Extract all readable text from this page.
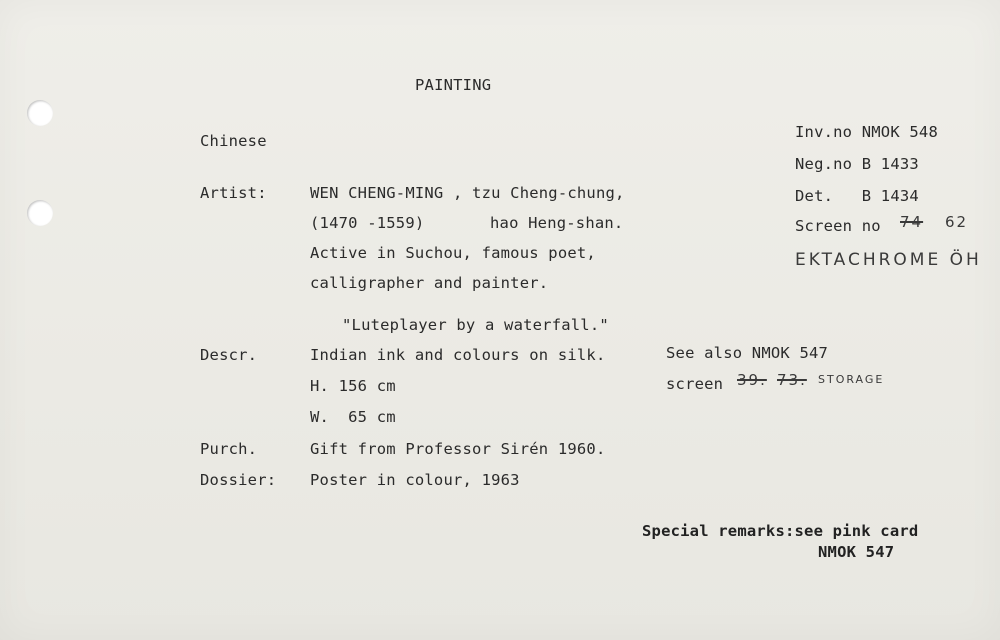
PAINTING
Chinese	Inv.no NMOK 548
Neg.no B 1433
Det.   B 1434
Screen no 74 62
EKTACHROME ÖH
Artist:	WEN CHENG-MING , tzu Cheng-chung,
(1470 -1559)	hao Heng-shan.
Active in Suchou, famous poet,
calligrapher and painter.
"Luteplayer by a waterfall."
Descr.	Indian ink and colours on silk.
H. 156 cm
W.  65 cm
See also NMOK 547
screen 39. 73. STORAGE
Purch.	Gift from Professor Sirén 1960.
Dossier: Poster in colour, 1963
Special remarks:see pink card
NMOK 547
